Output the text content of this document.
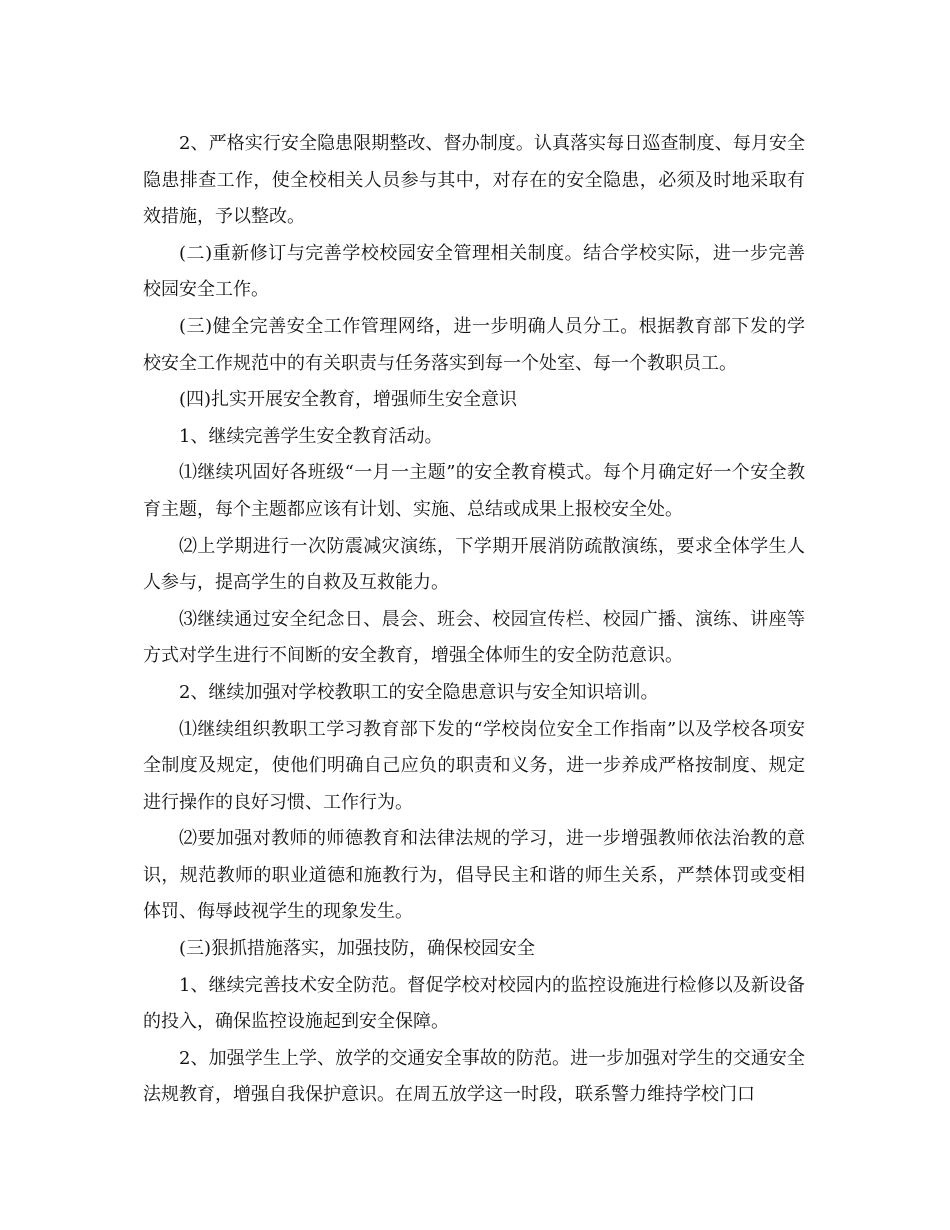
2、严格实行安全隐患限期整改、督办制度。认真落实每日巡查制度、每月安全隐患排查工作，使全校相关人员参与其中，对存在的安全隐患，必须及时地采取有效措施，予以整改。

(二)重新修订与完善学校校园安全管理相关制度。结合学校实际，进一步完善校园安全工作。

(三)健全完善安全工作管理网络，进一步明确人员分工。根据教育部下发的学校安全工作规范中的有关职责与任务落实到每一个处室、每一个教职员工。

(四)扎实开展安全教育，增强师生安全意识

1、继续完善学生安全教育活动。

⑴继续巩固好各班级“一月一主题”的安全教育模式。每个月确定好一个安全教育主题，每个主题都应该有计划、实施、总结或成果上报校安全处。

⑵上学期进行一次防震减灾演练，下学期开展消防疏散演练，要求全体学生人人参与，提高学生的自救及互救能力。

⑶继续通过安全纪念日、晨会、班会、校园宣传栏、校园广播、演练、讲座等方式对学生进行不间断的安全教育，增强全体师生的安全防范意识。

2、继续加强对学校教职工的安全隐患意识与安全知识培训。

⑴继续组织教职工学习教育部下发的“学校岗位安全工作指南”以及学校各项安全制度及规定，使他们明确自己应负的职责和义务，进一步养成严格按制度、规定进行操作的良好习惯、工作行为。

⑵要加强对教师的师德教育和法律法规的学习，进一步增强教师依法治教的意识，规范教师的职业道德和施教行为，倡导民主和谐的师生关系，严禁体罚或变相体罚、侮辱歧视学生的现象发生。

(三)狠抓措施落实，加强技防，确保校园安全

1、继续完善技术安全防范。督促学校对校园内的监控设施进行检修以及新设备的投入，确保监控设施起到安全保障。

2、加强学生上学、放学的交通安全事故的防范。进一步加强对学生的交通安全法规教育，增强自我保护意识。在周五放学这一时段，联系警力维持学校门口
